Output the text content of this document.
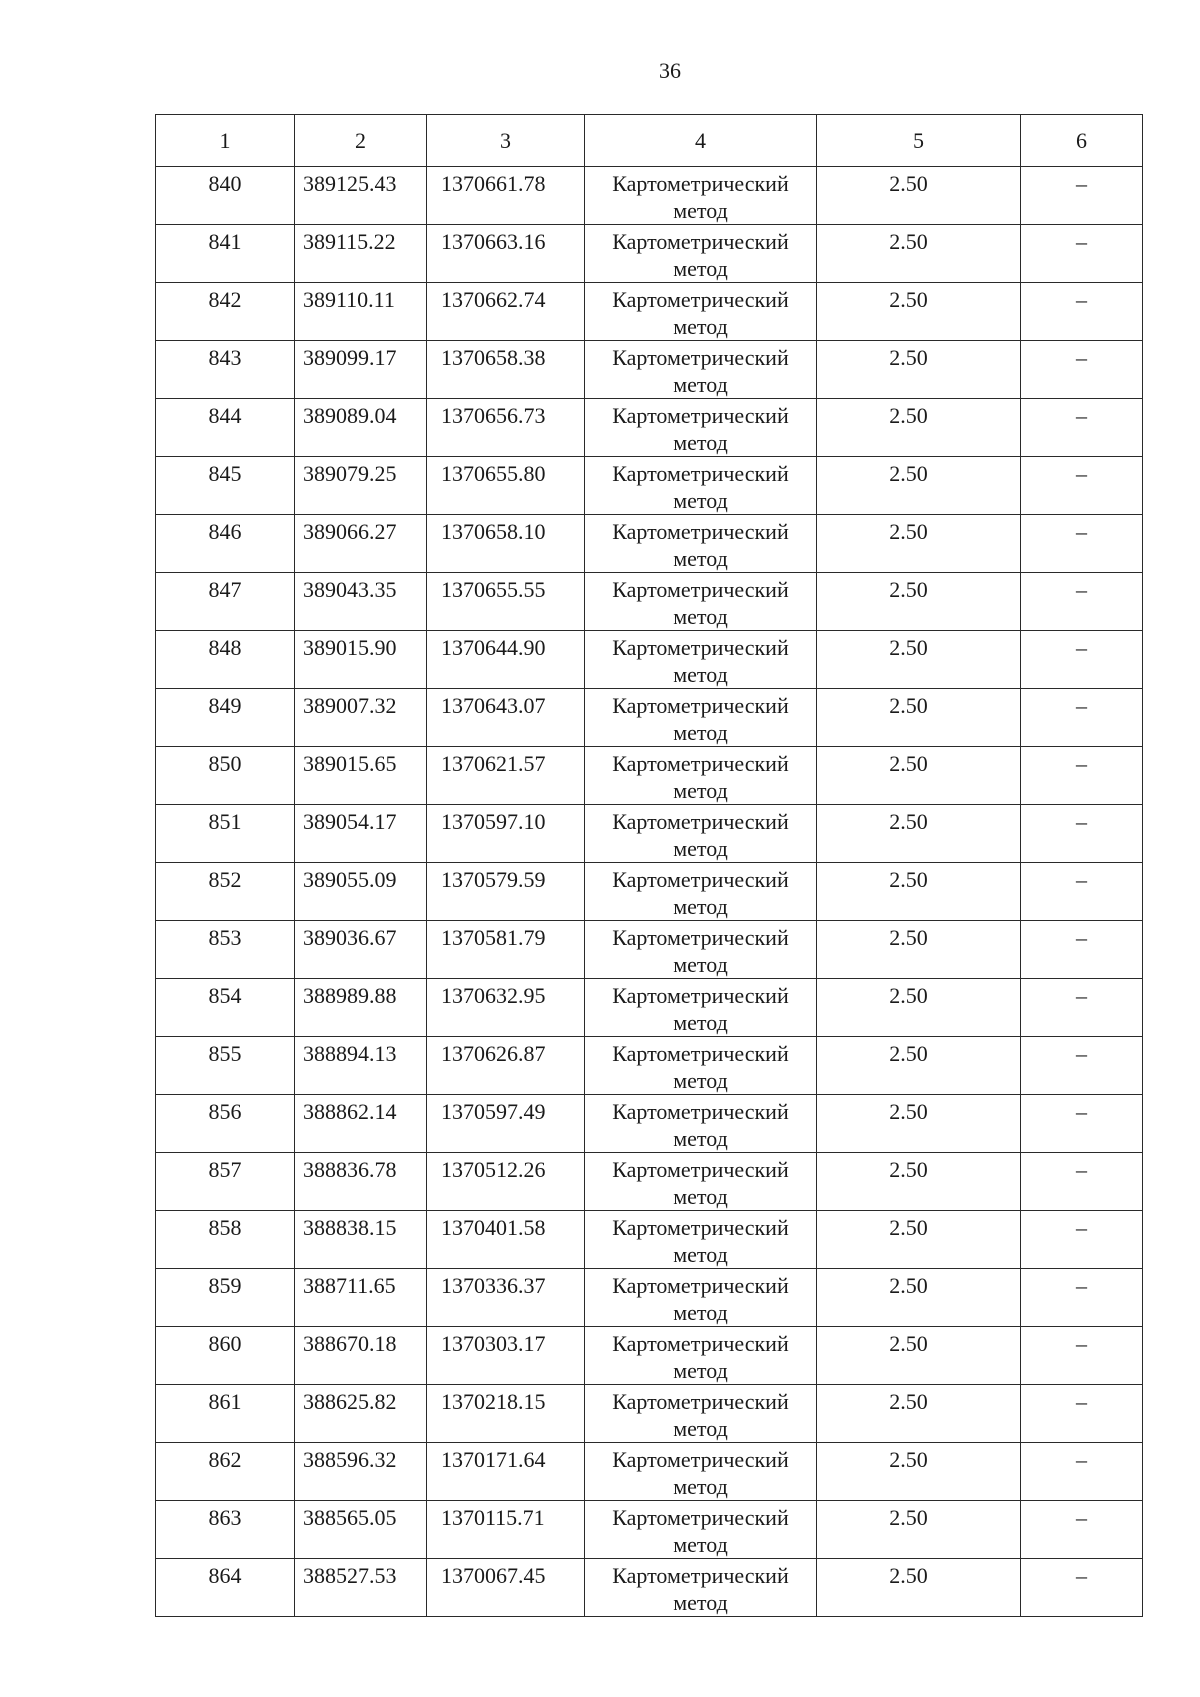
36
1	2	3	4	5	6
840	389125.43	1370661.78	Картометрический метод	2.50	–
841	389115.22	1370663.16	Картометрический метод	2.50	–
842	389110.11	1370662.74	Картометрический метод	2.50	–
843	389099.17	1370658.38	Картометрический метод	2.50	–
844	389089.04	1370656.73	Картометрический метод	2.50	–
845	389079.25	1370655.80	Картометрический метод	2.50	–
846	389066.27	1370658.10	Картометрический метод	2.50	–
847	389043.35	1370655.55	Картометрический метод	2.50	–
848	389015.90	1370644.90	Картометрический метод	2.50	–
849	389007.32	1370643.07	Картометрический метод	2.50	–
850	389015.65	1370621.57	Картометрический метод	2.50	–
851	389054.17	1370597.10	Картометрический метод	2.50	–
852	389055.09	1370579.59	Картометрический метод	2.50	–
853	389036.67	1370581.79	Картометрический метод	2.50	–
854	388989.88	1370632.95	Картометрический метод	2.50	–
855	388894.13	1370626.87	Картометрический метод	2.50	–
856	388862.14	1370597.49	Картометрический метод	2.50	–
857	388836.78	1370512.26	Картометрический метод	2.50	–
858	388838.15	1370401.58	Картометрический метод	2.50	–
859	388711.65	1370336.37	Картометрический метод	2.50	–
860	388670.18	1370303.17	Картометрический метод	2.50	–
861	388625.82	1370218.15	Картометрический метод	2.50	–
862	388596.32	1370171.64	Картометрический метод	2.50	–
863	388565.05	1370115.71	Картометрический метод	2.50	–
864	388527.53	1370067.45	Картометрический метод	2.50	–
